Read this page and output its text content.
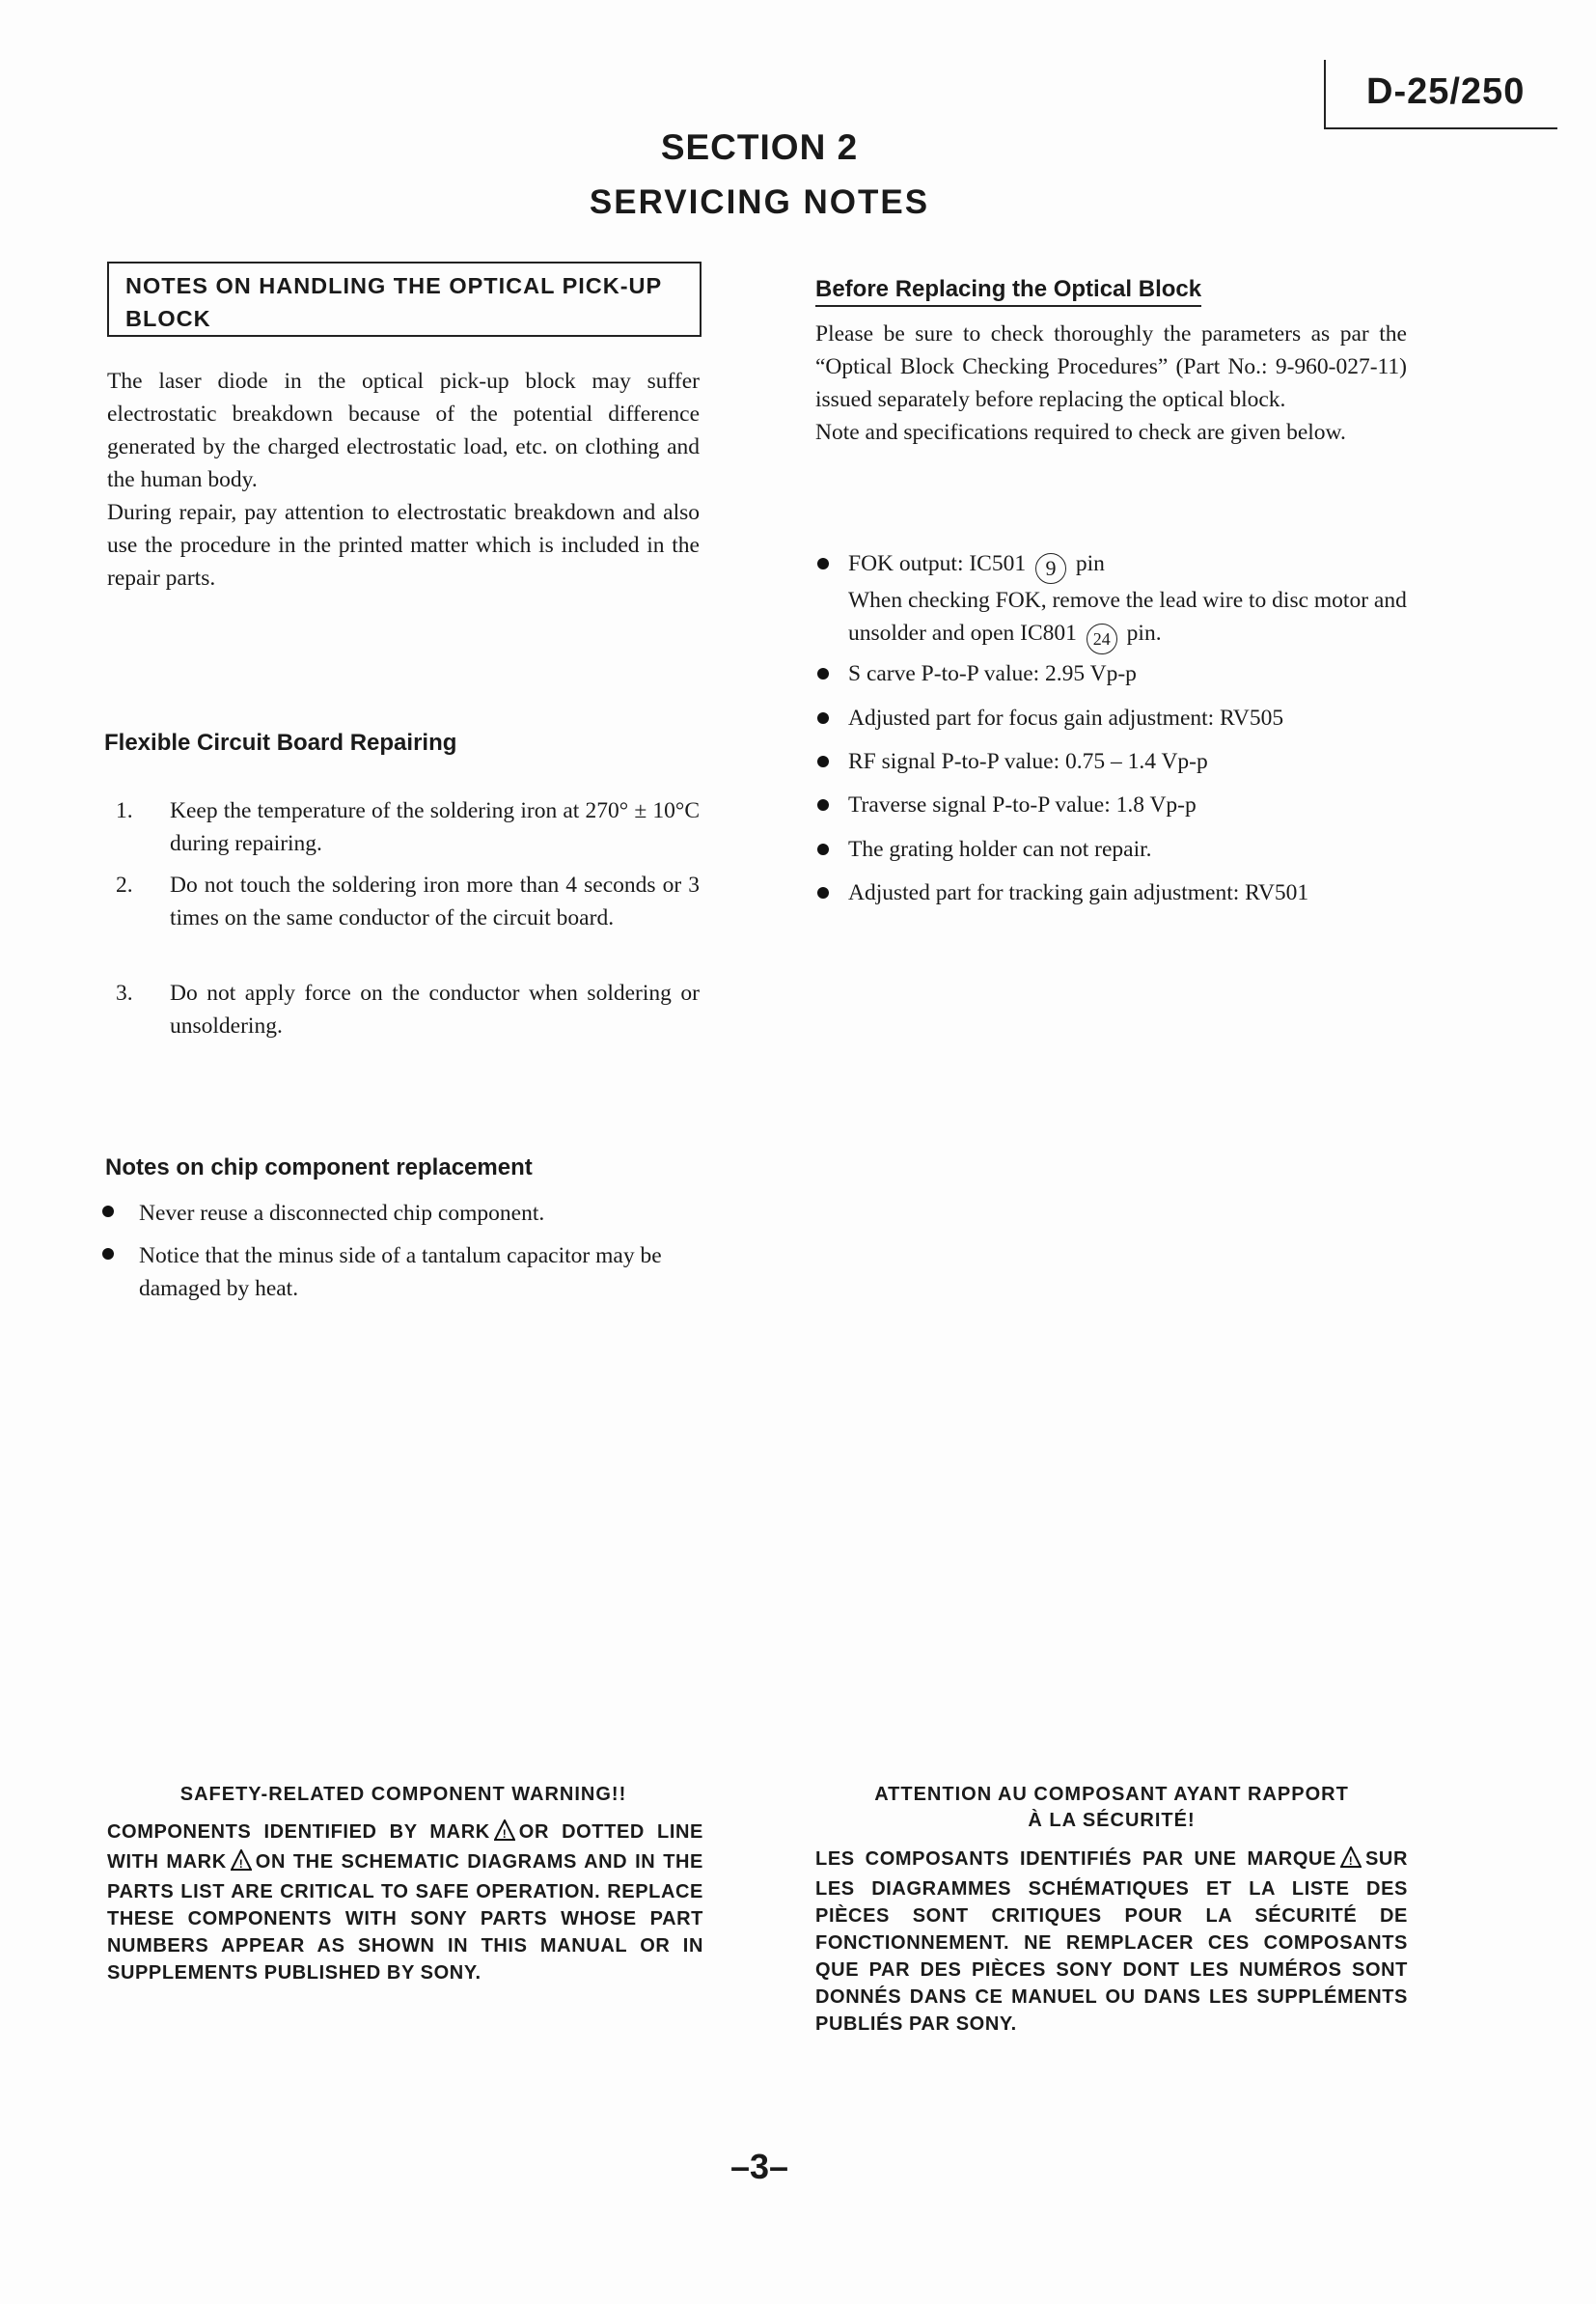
D-25/250
SECTION 2
SERVICING NOTES
NOTES ON HANDLING THE OPTICAL PICK-UP BLOCK
The laser diode in the optical pick-up block may suffer electrostatic breakdown because of the potential difference generated by the charged electrostatic load, etc. on clothing and the human body.
During repair, pay attention to electrostatic breakdown and also use the procedure in the printed matter which is included in the repair parts.
Flexible Circuit Board Repairing
1. Keep the temperature of the soldering iron at 270° ± 10°C during repairing.
2. Do not touch the soldering iron more than 4 seconds or 3 times on the same conductor of the circuit board.
3. Do not apply force on the conductor when soldering or unsoldering.
Notes on chip component replacement
Never reuse a disconnected chip component.
Notice that the minus side of a tantalum capacitor may be damaged by heat.
Before Replacing the Optical Block
Please be sure to check thoroughly the parameters as par the “Optical Block Checking Procedures” (Part No.: 9-960-027-11) issued separately before replacing the optical block.
Note and specifications required to check are given below.
FOK output: IC501 9 pin
When checking FOK, remove the lead wire to disc motor and unsolder and open IC801 24 pin.
S carve P-to-P value: 2.95 Vp-p
Adjusted part for focus gain adjustment: RV505
RF signal P-to-P value: 0.75 – 1.4 Vp-p
Traverse signal P-to-P value: 1.8 Vp-p
The grating holder can not repair.
Adjusted part for tracking gain adjustment: RV501
SAFETY-RELATED COMPONENT WARNING!!
COMPONENTS IDENTIFIED BY MARK ! OR DOTTED LINE WITH MARK ! ON THE SCHEMATIC DIAGRAMS AND IN THE PARTS LIST ARE CRITICAL TO SAFE OPERATION. REPLACE THESE COMPONENTS WITH SONY PARTS WHOSE PART NUMBERS APPEAR AS SHOWN IN THIS MANUAL OR IN SUPPLEMENTS PUBLISHED BY SONY.
ATTENTION AU COMPOSANT AYANT RAPPORT
À LA SÉCURITÉ!
LES COMPOSANTS IDENTIFIÉS PAR UNE MARQUE ! SUR LES DIAGRAMMES SCHÉMATIQUES ET LA LISTE DES PIÈCES SONT CRITIQUES POUR LA SÉCURITÉ DE FONCTIONNEMENT. NE REMPLACER CES COMPOSANTS QUE PAR DES PIÈCES SONY DONT LES NUMÉROS SONT DONNÉS DANS CE MANUEL OU DANS LES SUPPLÉMENTS PUBLIÉS PAR SONY.
–3–
